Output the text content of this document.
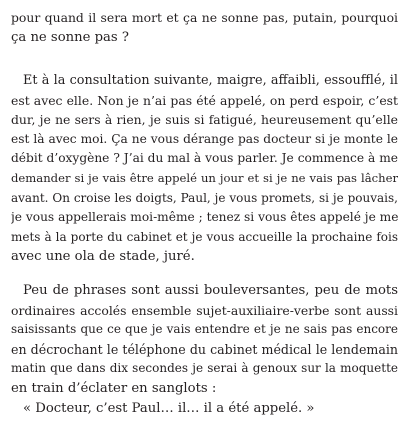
pour quand il sera mort et ça ne sonne pas, putain, pourquoi
ça ne sonne pas ?
Et à la consultation suivante, maigre, affaibli, essoufflé, il
est avec elle. Non je n’ai pas été appelé, on perd espoir, c’est
dur, je ne sers à rien, je suis si fatigué, heureusement qu’elle
est là avec moi. Ça ne vous dérange pas docteur si je monte le
débit d’oxygène ? J’ai du mal à vous parler. Je commence à me
demander si je vais être appelé un jour et si je ne vais pas lâcher
avant. On croise les doigts, Paul, je vous promets, si je pouvais,
je vous appellerais moi-même ; tenez si vous êtes appelé je me
mets à la porte du cabinet et je vous accueille la prochaine fois
avec une ola de stade, juré.
Peu de phrases sont aussi bouleversantes, peu de mots
ordinaires accolés ensemble sujet-auxiliaire-verbe sont aussi
saisissants que ce que je vais entendre et je ne sais pas encore
en décrochant le téléphone du cabinet médical le lendemain
matin que dans dix secondes je serai à genoux sur la moquette
en train d’éclater en sanglots :
« Docteur, c’est Paul… il… il a été appelé. »
